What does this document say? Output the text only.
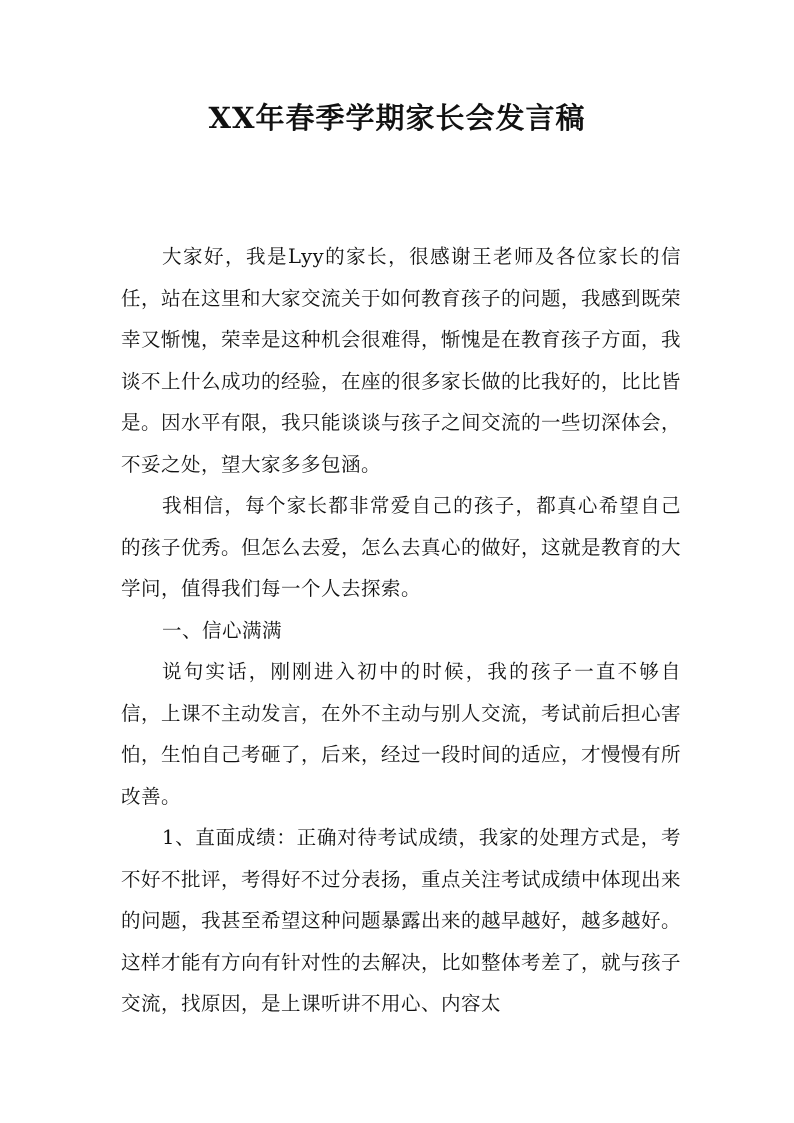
XX年春季学期家长会发言稿

大家好，我是Lyy的家长，很感谢王老师及各位家长的信任，站在这里和大家交流关于如何教育孩子的问题，我感到既荣幸又惭愧，荣幸是这种机会很难得，惭愧是在教育孩子方面，我谈不上什么成功的经验，在座的很多家长做的比我好的，比比皆是。因水平有限，我只能谈谈与孩子之间交流的一些切深体会，不妥之处，望大家多多包涵。

我相信，每个家长都非常爱自己的孩子，都真心希望自己的孩子优秀。但怎么去爱，怎么去真心的做好，这就是教育的大学问，值得我们每一个人去探索。

一、信心满满

说句实话，刚刚进入初中的时候，我的孩子一直不够自信，上课不主动发言，在外不主动与别人交流，考试前后担心害怕，生怕自己考砸了，后来，经过一段时间的适应，才慢慢有所改善。

1、直面成绩：正确对待考试成绩，我家的处理方式是，考不好不批评，考得好不过分表扬，重点关注考试成绩中体现出来的问题，我甚至希望这种问题暴露出来的越早越好，越多越好。这样才能有方向有针对性的去解决，比如整体考差了，就与孩子交流，找原因，是上课听讲不用心、内容太
